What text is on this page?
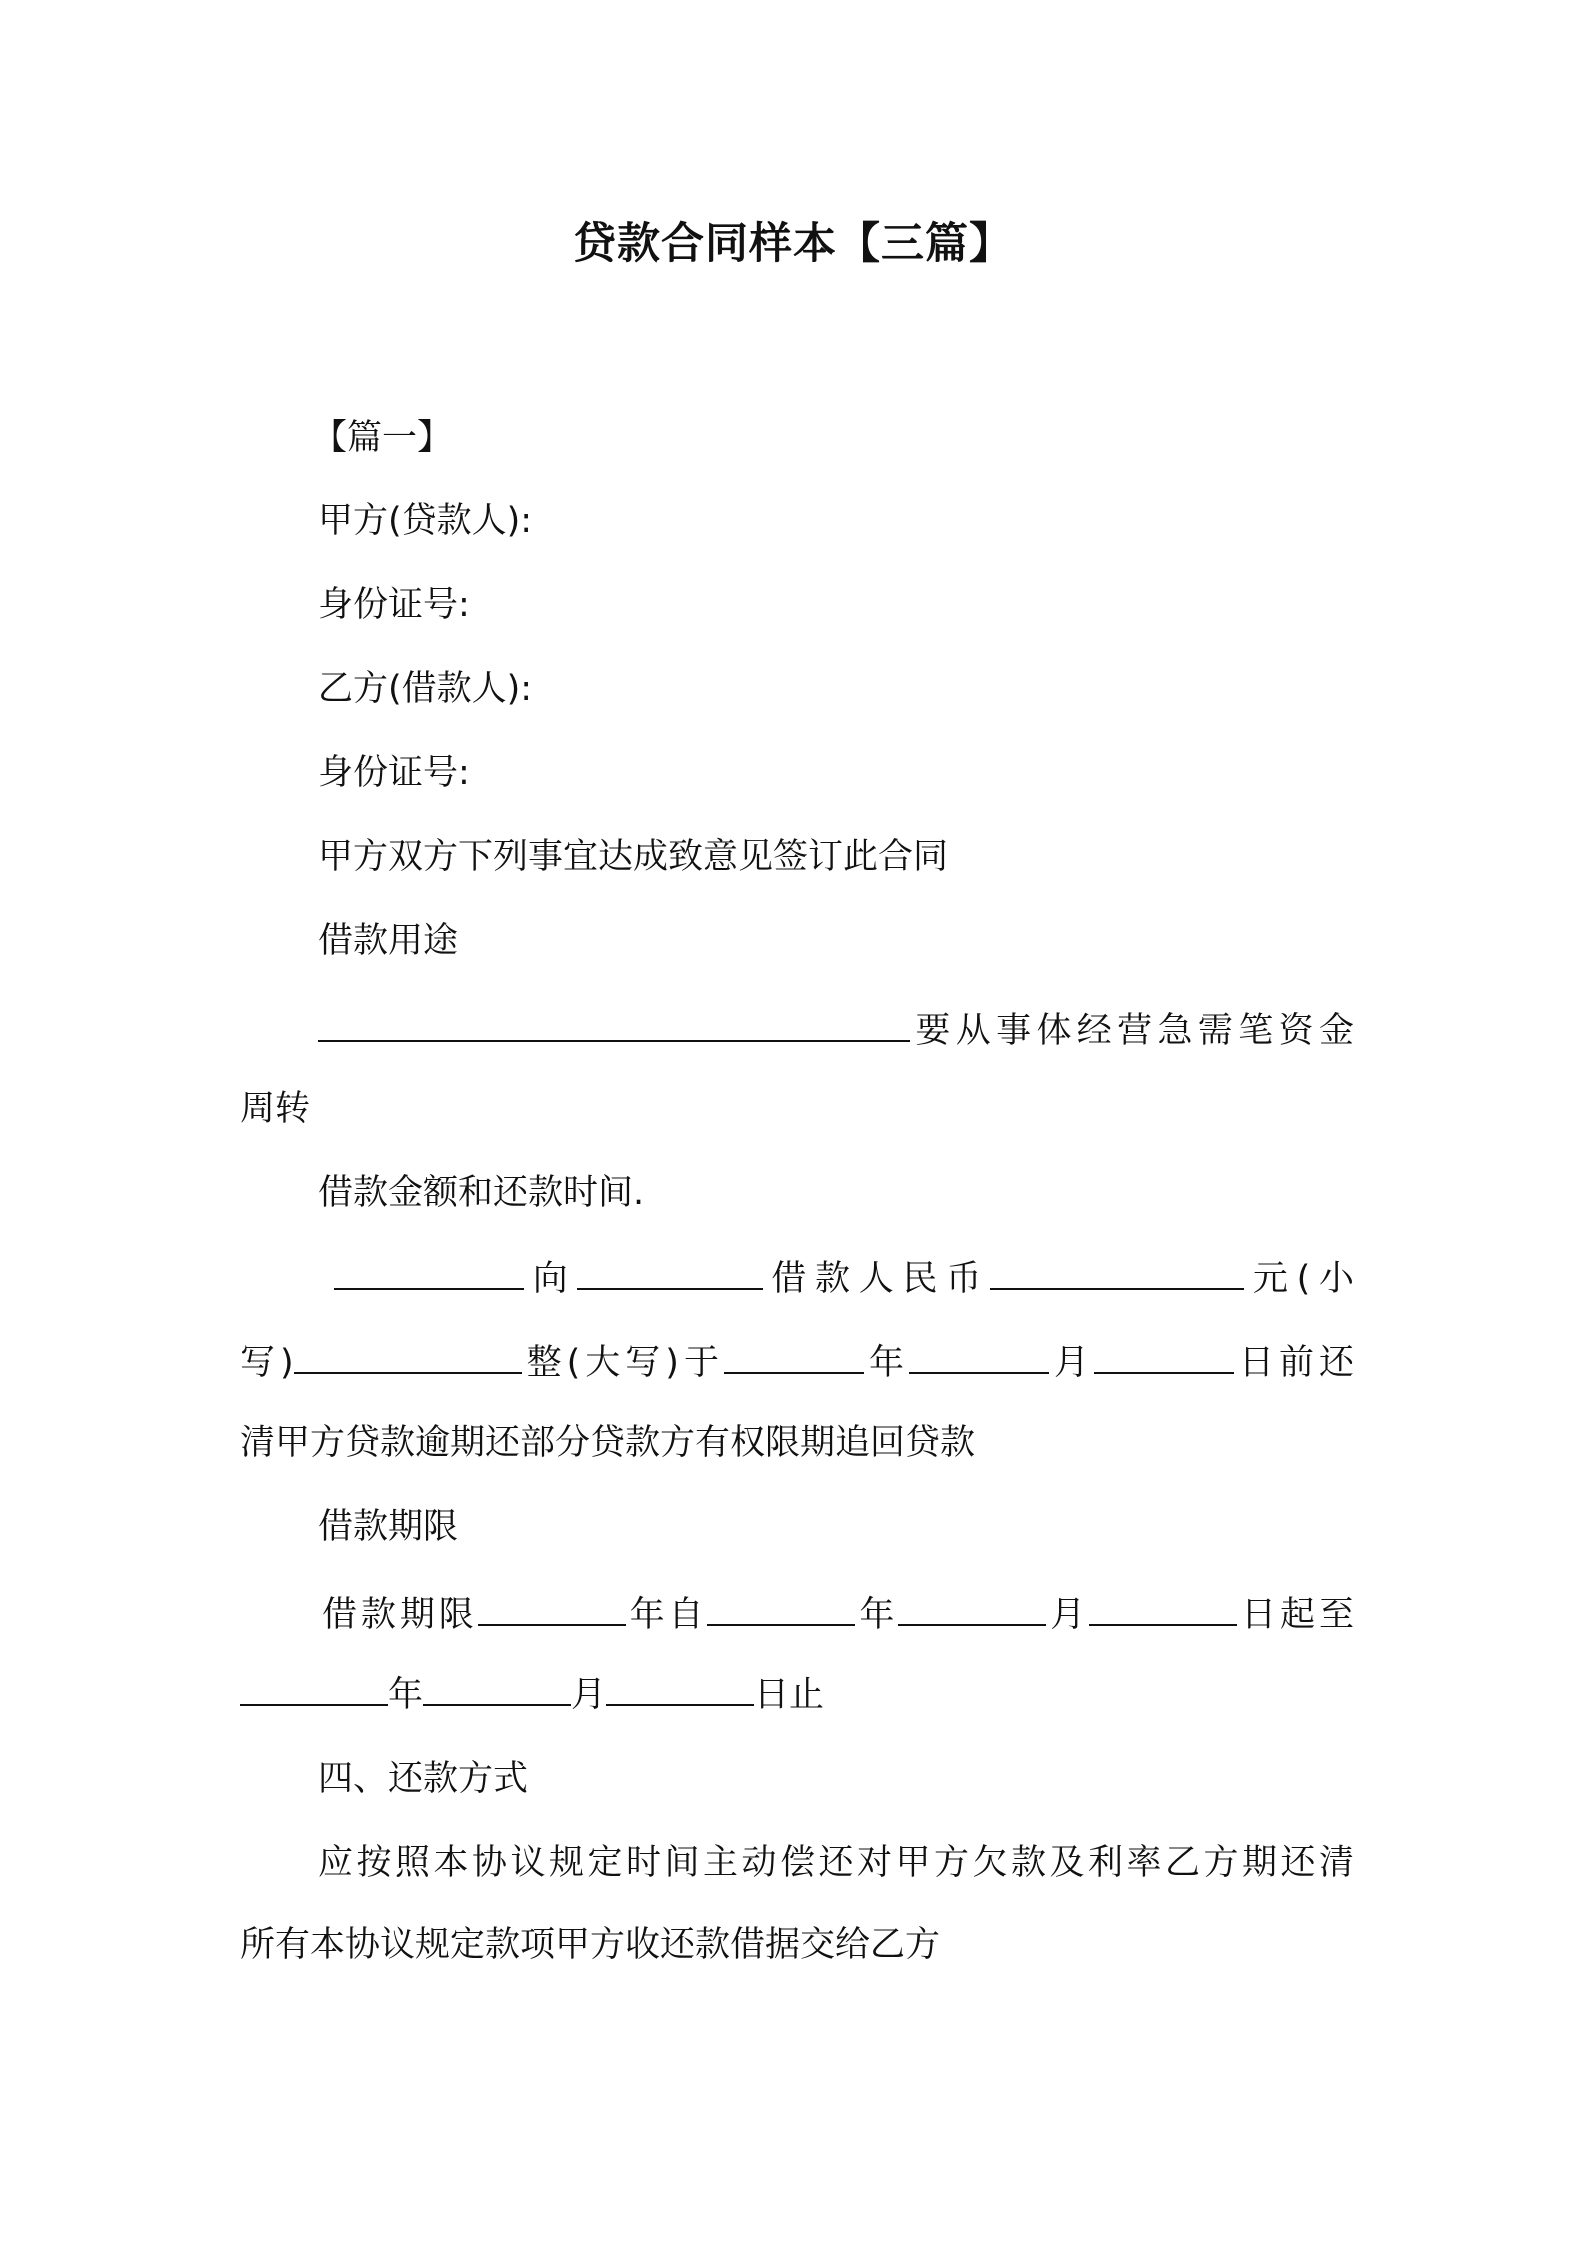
贷款合同样本【三篇】
【篇一】
甲方(贷款人):
身份证号:
乙方(借款人):
身份证号:
甲方双方下列事宜达成致意见签订此合同
借款用途
要从事体经营急需笔资金
周转
借款金额和还款时间.
向	借款人民币	元(小
写)	整(大写)于	年	月	日前还
清甲方贷款逾期还部分贷款方有权限期追回贷款
借款期限
借款期限	年自	年	月	日起至
年	月	日止
四、还款方式
应按照本协议规定时间主动偿还对甲方欠款及利率乙方期还清
所有本协议规定款项甲方收还款借据交给乙方
